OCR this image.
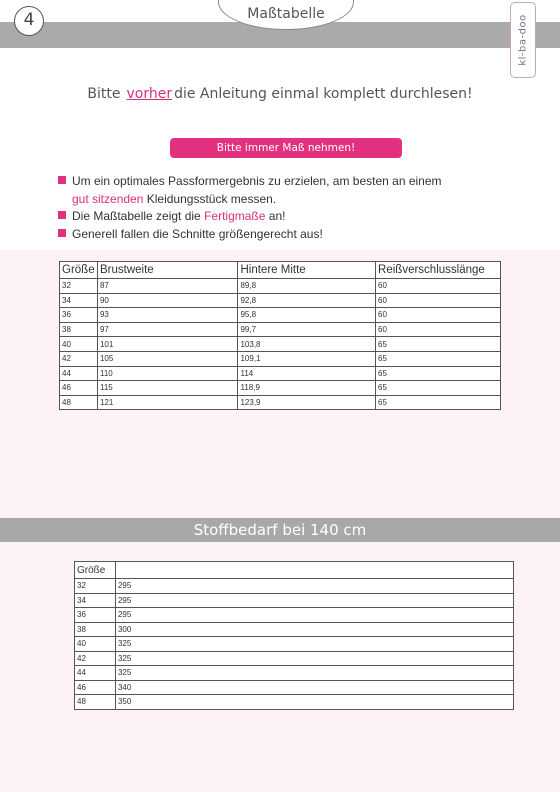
Maßtabelle
4	kl-ba-doo
Bitte vorher die Anleitung einmal komplett durchlesen!
Bitte immer Maß nehmen!
Um ein optimales Passformergebnis zu erzielen, am besten an einem
gut sitzenden Kleidungsstück messen.
Die Maßtabelle zeigt die Fertigmaße an!
Generell fallen die Schnitte größengerecht aus!
Größe	Brustweite	Hintere Mitte	Reißverschlusslänge
32	87	89,8	60
34	90	92,8	60
36	93	95,8	60
38	97	99,7	60
40	101	103,8	65
42	105	109,1	65
44	110	114	65
46	115	118,9	65
48	121	123,9	65
Stoffbedarf bei 140 cm
Größe	
32	295
34	295
36	295
38	300
40	325
42	325
44	325
46	340
48	350
